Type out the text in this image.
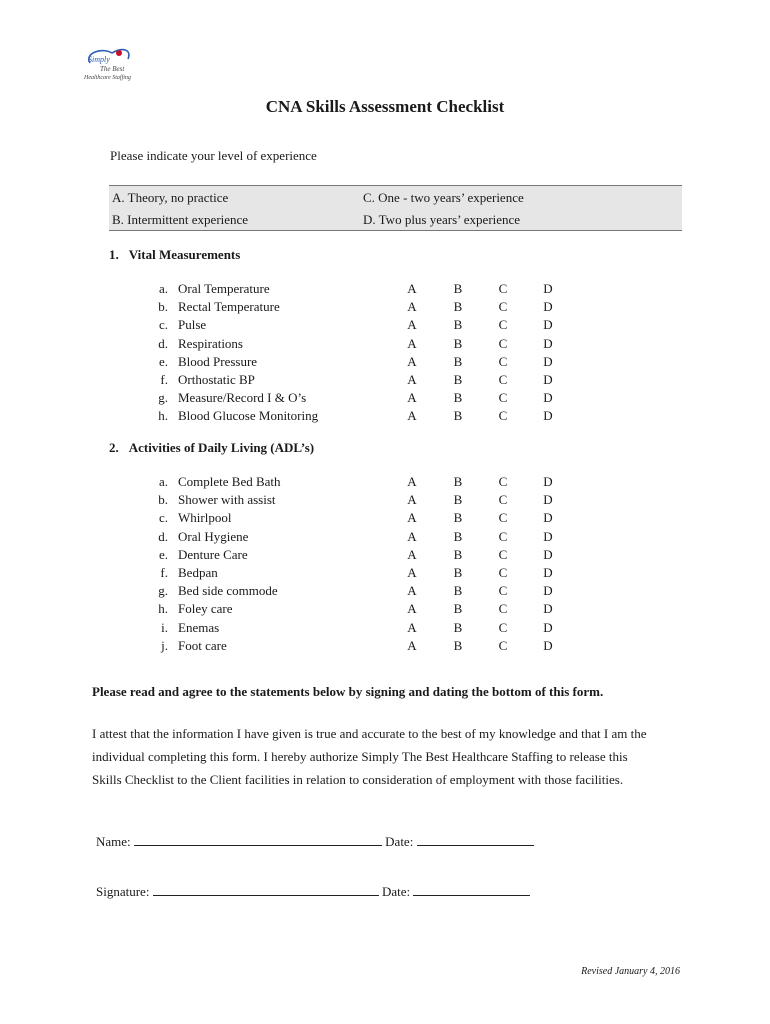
Simply
The Best
Healthcare Staffing
CNA Skills Assessment Checklist
Please indicate your level of experience
A. Theory, no practice	C. One - two years’ experience
B. Intermittent experience	D. Two plus years’ experience
1. Vital Measurements
a. Oral Temperature	A	B	C	D
b. Rectal Temperature	A	B	C	D
c. Pulse	A	B	C	D
d. Respirations	A	B	C	D
e. Blood Pressure	A	B	C	D
f. Orthostatic BP	A	B	C	D
g. Measure/Record I & O’s	A	B	C	D
h. Blood Glucose Monitoring	A	B	C	D
2. Activities of Daily Living (ADL’s)
a. Complete Bed Bath	A	B	C	D
b. Shower with assist	A	B	C	D
c. Whirlpool	A	B	C	D
d. Oral Hygiene	A	B	C	D
e. Denture Care	A	B	C	D
f. Bedpan	A	B	C	D
g. Bed side commode	A	B	C	D
h. Foley care	A	B	C	D
i. Enemas	A	B	C	D
j. Foot care	A	B	C	D
Please read and agree to the statements below by signing and dating the bottom of this form.
I attest that the information I have given is true and accurate to the best of my knowledge and that I am the individual completing this form. I hereby authorize Simply The Best Healthcare Staffing to release this Skills Checklist to the Client facilities in relation to consideration of employment with those facilities.
Name:	Date:
Signature:	Date:
Revised January 4, 2016
